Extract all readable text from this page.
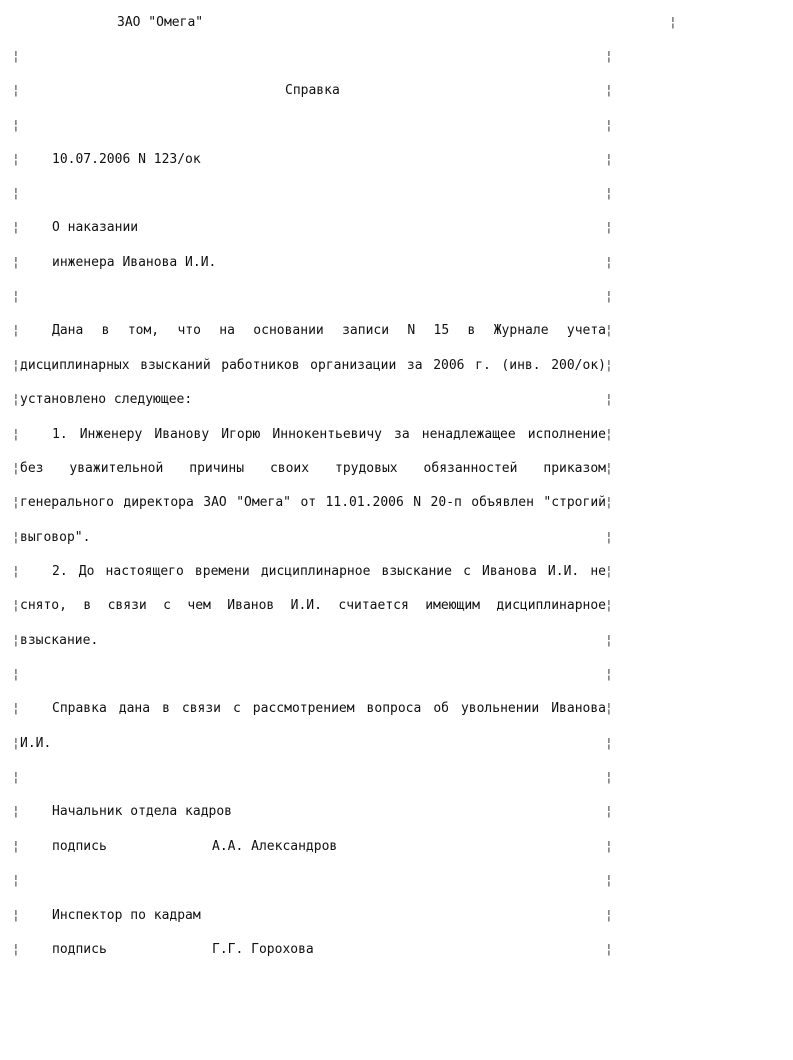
ЗАО "Омега"

	¦

¦

	¦

¦

	Справка

	¦

¦

	¦

¦

10.07.2006 N 123/ок

	¦

¦

	¦

¦

О наказании

	¦

¦

инженера Иванова И.И.

	¦

¦

	¦

¦

Дана в том, что на основании записи N 15 в Журнале учета

¦

¦

дисциплинарных взысканий работников организации за 2006 г. (инв. 200/ок)

¦

¦

установлено следующее:

	¦

¦

1. Инженеру Иванову Игорю Иннокентьевичу за ненадлежащее исполнение

¦

¦

без уважительной причины своих трудовых обязанностей приказом

¦

¦

генерального директора ЗАО "Омега" от 11.01.2006 N 20-п объявлен "строгий

¦

¦

выговор".

	¦

¦

2. До настоящего времени дисциплинарное взыскание с Иванова И.И. не

¦

¦

снято, в связи с чем Иванов И.И. считается имеющим дисциплинарное

¦

¦

взыскание.

	¦

¦

	¦

¦

Справка дана в связи с рассмотрением вопроса об увольнении Иванова

¦

¦

И.И.

	¦

¦

	¦

¦

Начальник отдела кадров

	¦

¦

подпись

	А.А. Александров

	¦

¦

	¦

¦

Инспектор по кадрам

	¦

¦

подпись

	Г.Г. Горохова

	¦
